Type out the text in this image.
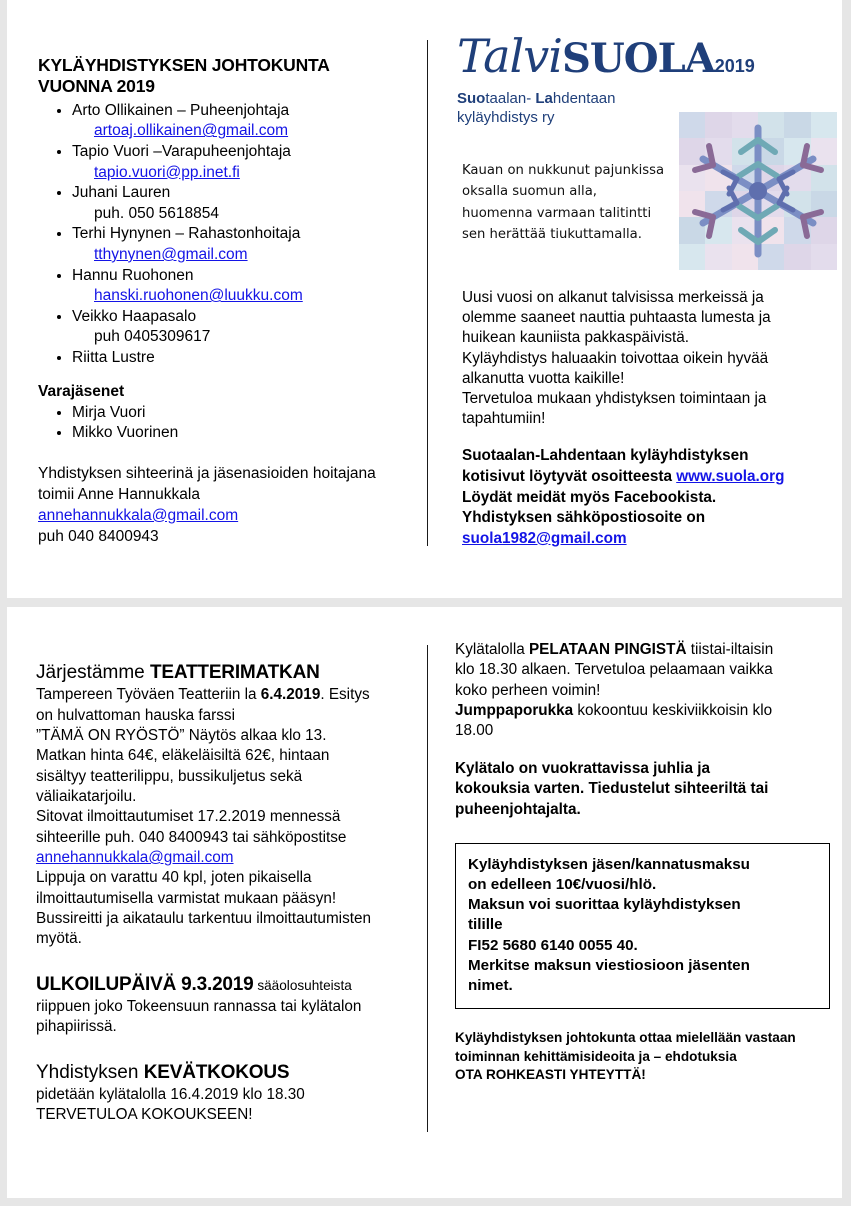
KYLÄYHDISTYKSEN JOHTOKUNTA
VUONNA 2019
• Arto Ollikainen – Puheenjohtaja
artoaj.ollikainen@gmail.com
• Tapio Vuori –Varapuheenjohtaja
tapio.vuori@pp.inet.fi
• Juhani Lauren
puh. 050 5618854
• Terhi Hynynen – Rahastonhoitaja
tthynynen@gmail.com
• Hannu Ruohonen
hanski.ruohonen@luukku.com
• Veikko Haapasalo
puh 0405309617
• Riitta Lustre
Varajäsenet
• Mirja Vuori
• Mikko Vuorinen
Yhdistyksen sihteerinä ja jäsenasioiden hoitajana
toimii Anne Hannukkala
annehannukkala@gmail.com
puh 040 8400943
TalviSUOLA2019
Suotaalan- Lahdentaan
kyläyhdistys ry
Kauan on nukkunut pajunkissa
oksalla suomun alla,
huomenna varmaan talitintti
sen herättää tiukuttamalla.
Uusi vuosi on alkanut talvisissa merkeissä ja
olemme saaneet nauttia puhtaasta lumesta ja
huikean kauniista pakkaspäivistä.
Kyläyhdistys haluaakin toivottaa oikein hyvää
alkanutta vuotta kaikille!
Tervetuloa mukaan yhdistyksen toimintaan ja
tapahtumiin!
Suotaalan-Lahdentaan kyläyhdistyksen
kotisivut löytyvät osoitteesta www.suola.org
Löydät meidät myös Facebookista.
Yhdistyksen sähköpostiosoite on
suola1982@gmail.com
Järjestämme TEATTERIMATKAN
Tampereen Työväen Teatteriin la 6.4.2019. Esitys
on hulvattoman hauska farssi
”TÄMÄ ON RYÖSTÖ” Näytös alkaa klo 13.
Matkan hinta 64€, eläkeläisiltä 62€, hintaan
sisältyy teatterilippu, bussikuljetus sekä
väliaikatarjoilu.
Sitovat ilmoittautumiset 17.2.2019 mennessä
sihteerille puh. 040 8400943 tai sähköpostitse
annehannukkala@gmail.com
Lippuja on varattu 40 kpl, joten pikaisella
ilmoittautumisella varmistat mukaan pääsyn!
Bussireitti ja aikataulu tarkentuu ilmoittautumisten
myötä.
ULKOILUPÄIVÄ 9.3.2019 sääolosuhteista
riippuen joko Tokeensuun rannassa tai kylätalon
pihapiirissä.
Yhdistyksen KEVÄTKOKOUS
pidetään kylätalolla 16.4.2019 klo 18.30
TERVETULOA KOKOUKSEEN!
Kylätalolla PELATAAN PINGISTÄ tiistai-iltaisin
klo 18.30 alkaen. Tervetuloa pelaamaan vaikka
koko perheen voimin!
Jumppaporukka kokoontuu keskiviikkoisin klo
18.00
Kylätalo on vuokrattavissa juhlia ja
kokouksia varten. Tiedustelut sihteeriltä tai
puheenjohtajalta.
Kyläyhdistyksen jäsen/kannatusmaksu
on edelleen 10€/vuosi/hlö.
Maksun voi suorittaa kyläyhdistyksen
tilille
FI52 5680 6140 0055 40.
Merkitse maksun viestiosioon jäsenten
nimet.
Kyläyhdistyksen johtokunta ottaa mielellään vastaan
toiminnan kehittämisideoita ja – ehdotuksia
OTA ROHKEASTI YHTEYTTÄ!
